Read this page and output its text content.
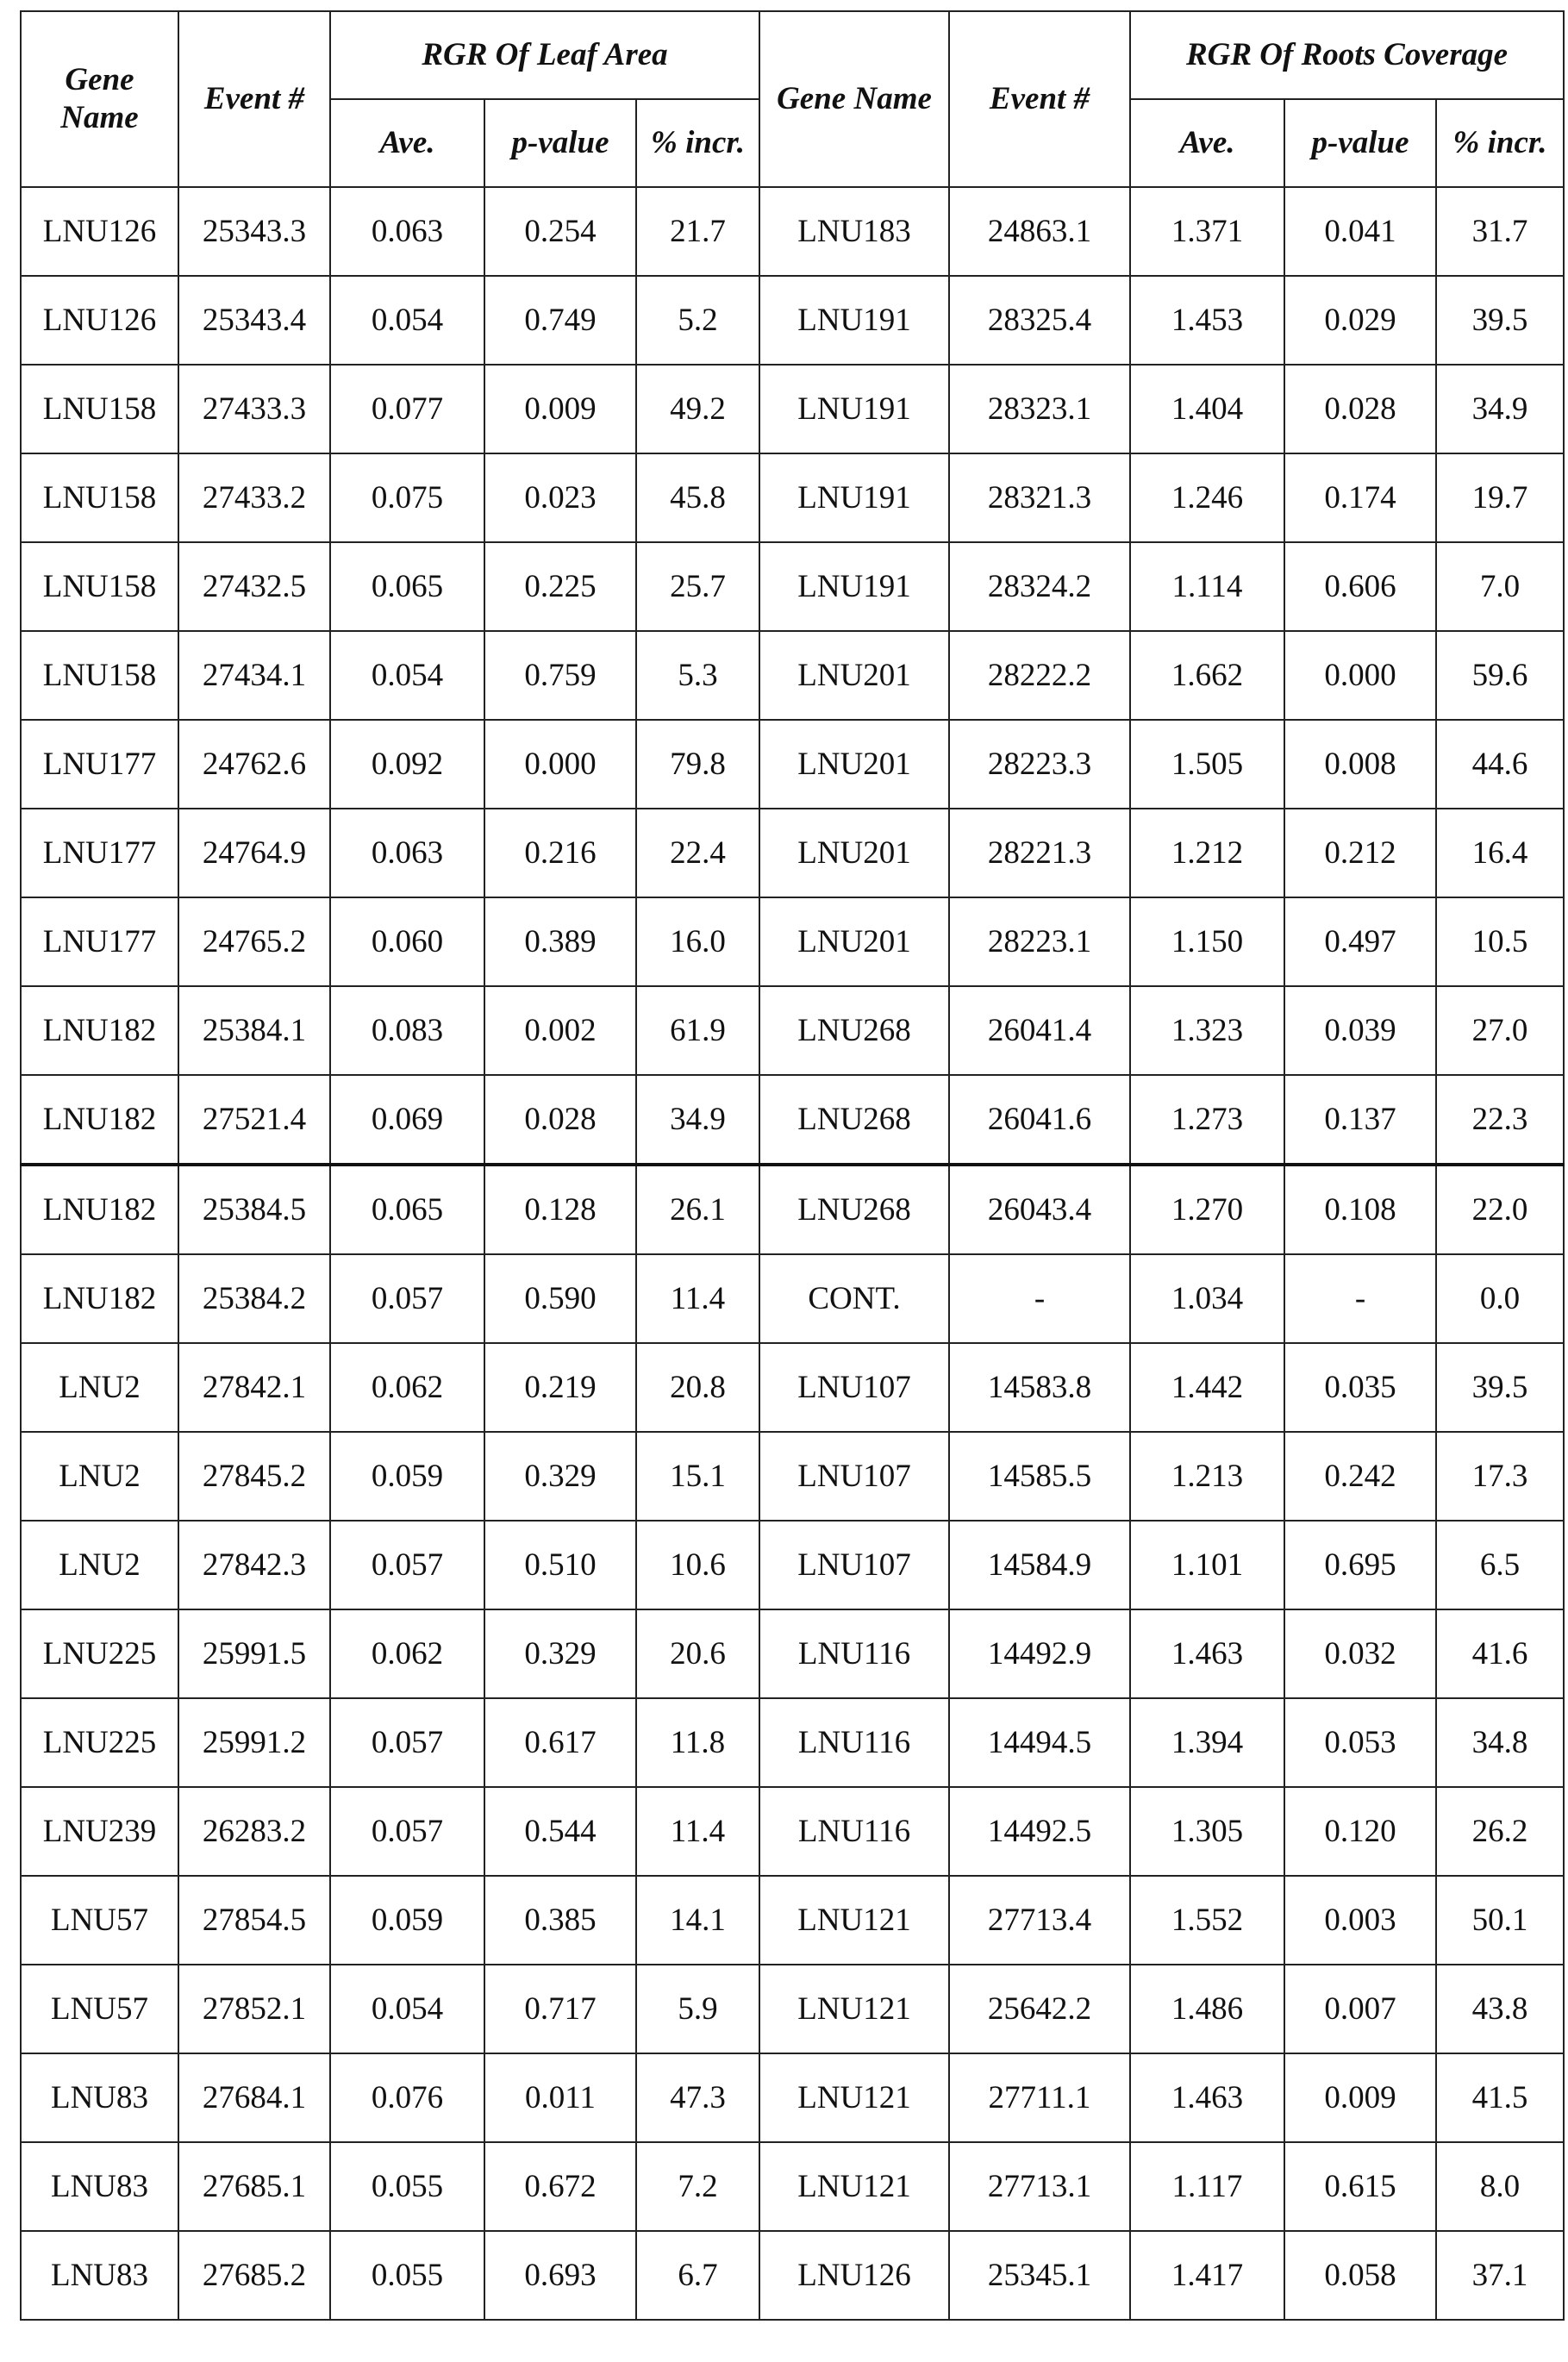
Gene Name	Event #	RGR Of Leaf Area	Gene Name	Event #	RGR Of Roots Coverage
Ave.	p-value	% incr.	Ave.	p-value	% incr.
LNU126	25343.3	0.063	0.254	21.7	LNU183	24863.1	1.371	0.041	31.7
LNU126	25343.4	0.054	0.749	5.2	LNU191	28325.4	1.453	0.029	39.5
LNU158	27433.3	0.077	0.009	49.2	LNU191	28323.1	1.404	0.028	34.9
LNU158	27433.2	0.075	0.023	45.8	LNU191	28321.3	1.246	0.174	19.7
LNU158	27432.5	0.065	0.225	25.7	LNU191	28324.2	1.114	0.606	7.0
LNU158	27434.1	0.054	0.759	5.3	LNU201	28222.2	1.662	0.000	59.6
LNU177	24762.6	0.092	0.000	79.8	LNU201	28223.3	1.505	0.008	44.6
LNU177	24764.9	0.063	0.216	22.4	LNU201	28221.3	1.212	0.212	16.4
LNU177	24765.2	0.060	0.389	16.0	LNU201	28223.1	1.150	0.497	10.5
LNU182	25384.1	0.083	0.002	61.9	LNU268	26041.4	1.323	0.039	27.0
LNU182	27521.4	0.069	0.028	34.9	LNU268	26041.6	1.273	0.137	22.3
LNU182	25384.5	0.065	0.128	26.1	LNU268	26043.4	1.270	0.108	22.0
LNU182	25384.2	0.057	0.590	11.4	CONT.	-	1.034	-	0.0
LNU2	27842.1	0.062	0.219	20.8	LNU107	14583.8	1.442	0.035	39.5
LNU2	27845.2	0.059	0.329	15.1	LNU107	14585.5	1.213	0.242	17.3
LNU2	27842.3	0.057	0.510	10.6	LNU107	14584.9	1.101	0.695	6.5
LNU225	25991.5	0.062	0.329	20.6	LNU116	14492.9	1.463	0.032	41.6
LNU225	25991.2	0.057	0.617	11.8	LNU116	14494.5	1.394	0.053	34.8
LNU239	26283.2	0.057	0.544	11.4	LNU116	14492.5	1.305	0.120	26.2
LNU57	27854.5	0.059	0.385	14.1	LNU121	27713.4	1.552	0.003	50.1
LNU57	27852.1	0.054	0.717	5.9	LNU121	25642.2	1.486	0.007	43.8
LNU83	27684.1	0.076	0.011	47.3	LNU121	27711.1	1.463	0.009	41.5
LNU83	27685.1	0.055	0.672	7.2	LNU121	27713.1	1.117	0.615	8.0
LNU83	27685.2	0.055	0.693	6.7	LNU126	25345.1	1.417	0.058	37.1
